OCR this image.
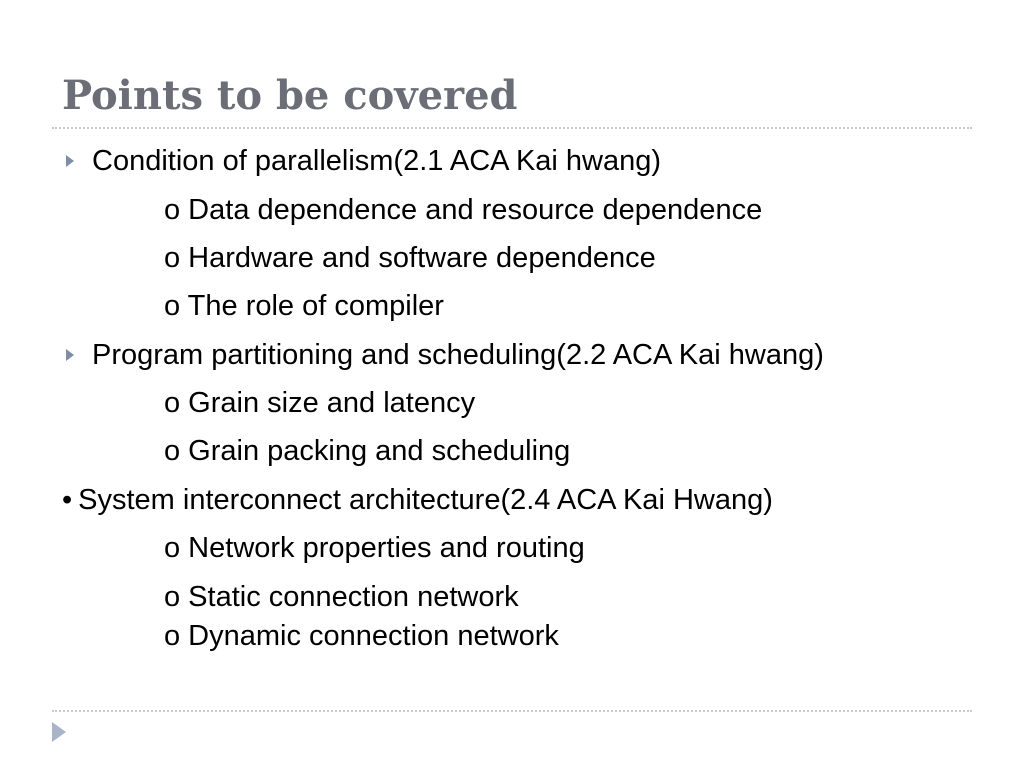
Points to be covered
Condition of parallelism(2.1 ACA Kai hwang)
o Data dependence and resource dependence
o Hardware and software dependence
o The role of compiler
Program partitioning and scheduling(2.2 ACA Kai hwang)
o Grain size and latency
o Grain packing and scheduling
• System interconnect architecture(2.4 ACA Kai Hwang)
o Network properties and routing
o Static connection network
o Dynamic connection network
